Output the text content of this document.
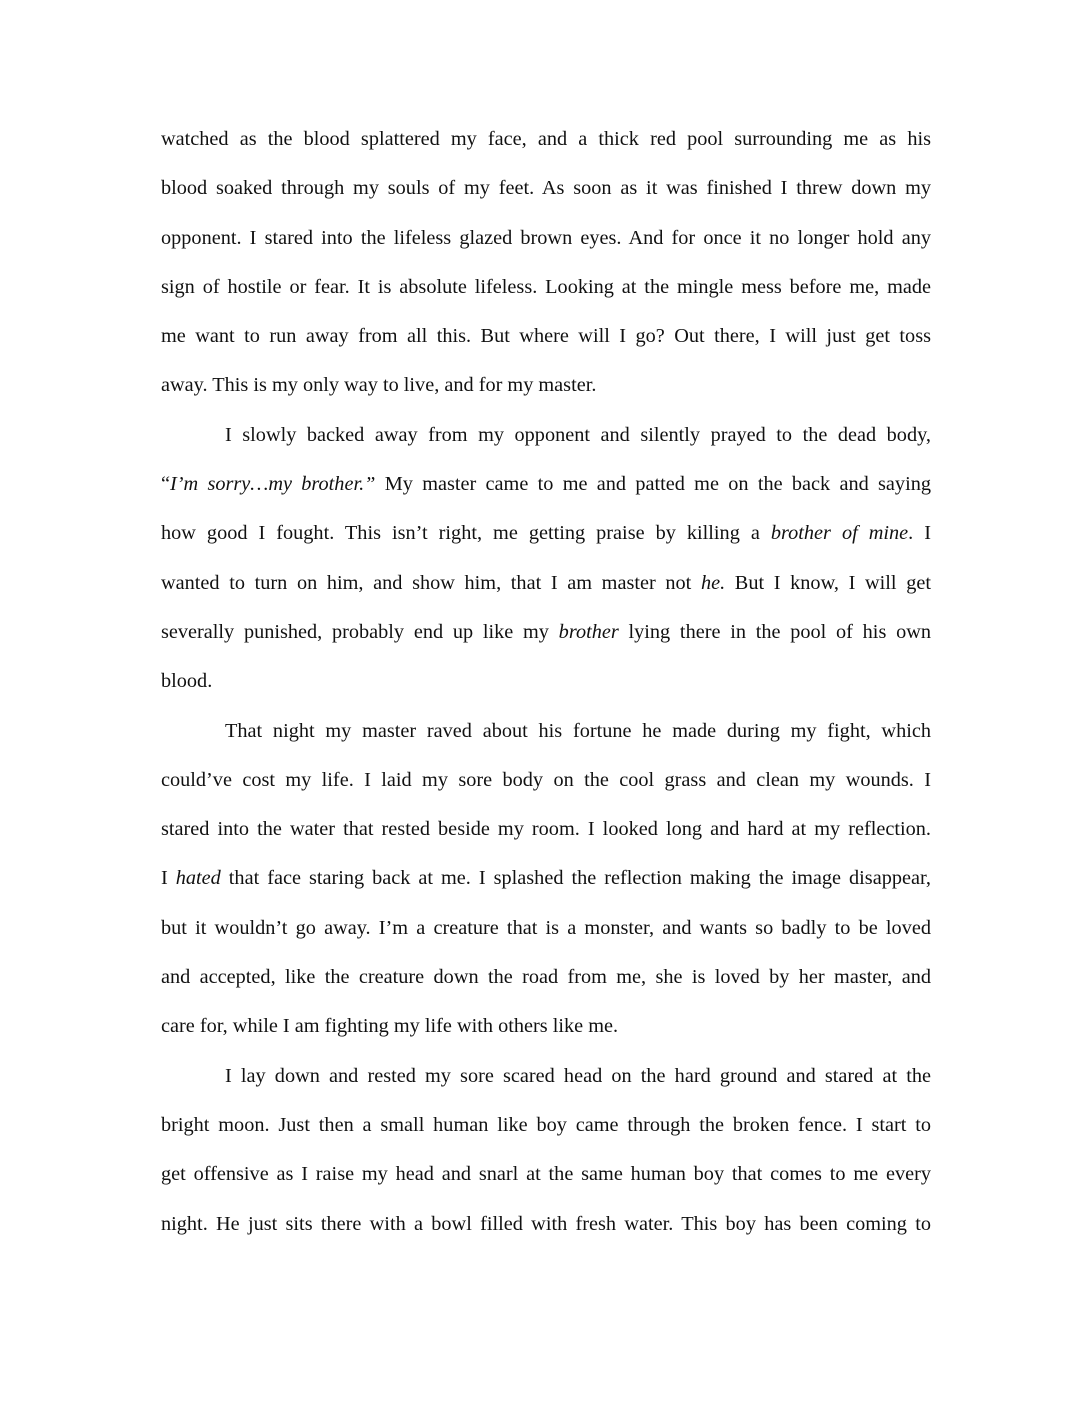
watched as the blood splattered my face, and a thick red pool surrounding me as his
blood soaked through my souls of my feet. As soon as it was finished I threw down my
opponent. I stared into the lifeless glazed brown eyes. And for once it no longer hold any
sign of hostile or fear. It is absolute lifeless. Looking at the mingle mess before me, made
me want to run away from all this. But where will I go? Out there, I will just get toss
away. This is my only way to live, and for my master.
I slowly backed away from my opponent and silently prayed to the dead body,
“I’m sorry…my brother.” My master came to me and patted me on the back and saying
how good I fought. This isn’t right, me getting praise by killing a brother of mine. I
wanted to turn on him, and show him, that I am master not he. But I know, I will get
severally punished, probably end up like my brother lying there in the pool of his own
blood.
That night my master raved about his fortune he made during my fight, which
could’ve cost my life. I laid my sore body on the cool grass and clean my wounds. I
stared into the water that rested beside my room. I looked long and hard at my reflection.
I hated that face staring back at me. I splashed the reflection making the image disappear,
but it wouldn’t go away. I’m a creature that is a monster, and wants so badly to be loved
and accepted, like the creature down the road from me, she is loved by her master, and
care for, while I am fighting my life with others like me.
I lay down and rested my sore scared head on the hard ground and stared at the
bright moon. Just then a small human like boy came through the broken fence. I start to
get offensive as I raise my head and snarl at the same human boy that comes to me every
night. He just sits there with a bowl filled with fresh water. This boy has been coming to
